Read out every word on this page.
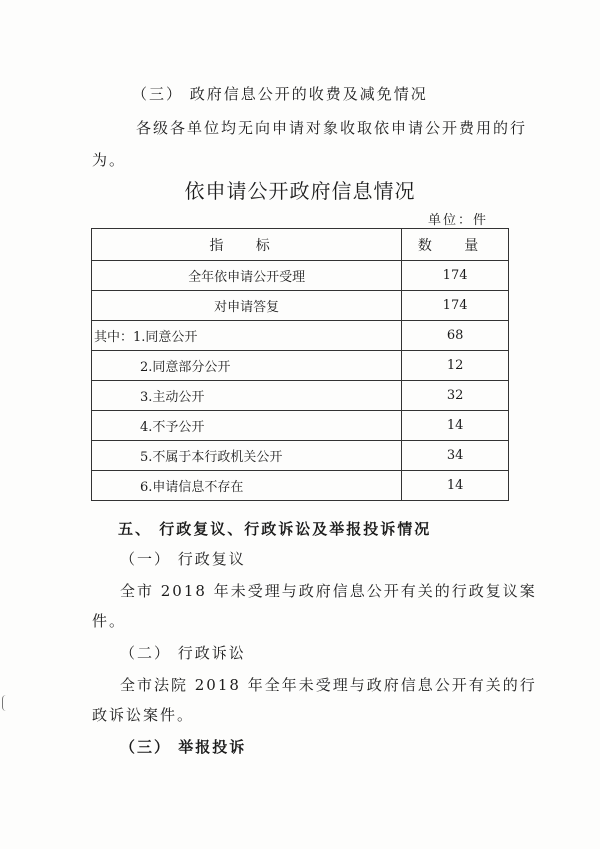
（三） 政府信息公开的收费及减免情况
各级各单位均无向申请对象收取依申请公开费用的行
为。
依申请公开政府信息情况
单位：件
指 标	数 量
全年依申请公开受理	174
对申请答复	174
其中：1.同意公开	68
2.同意部分公开	12
3.主动公开	32
4.不予公开	14
5.不属于本行政机关公开	34
6.申请信息不存在	14
五、 行政复议、行政诉讼及举报投诉情况
（一） 行政复议
全市 2018 年未受理与政府信息公开有关的行政复议案
件。
（二） 行政诉讼
全市法院 2018 年全年未受理与政府信息公开有关的行
政诉讼案件。
（三） 举报投诉
